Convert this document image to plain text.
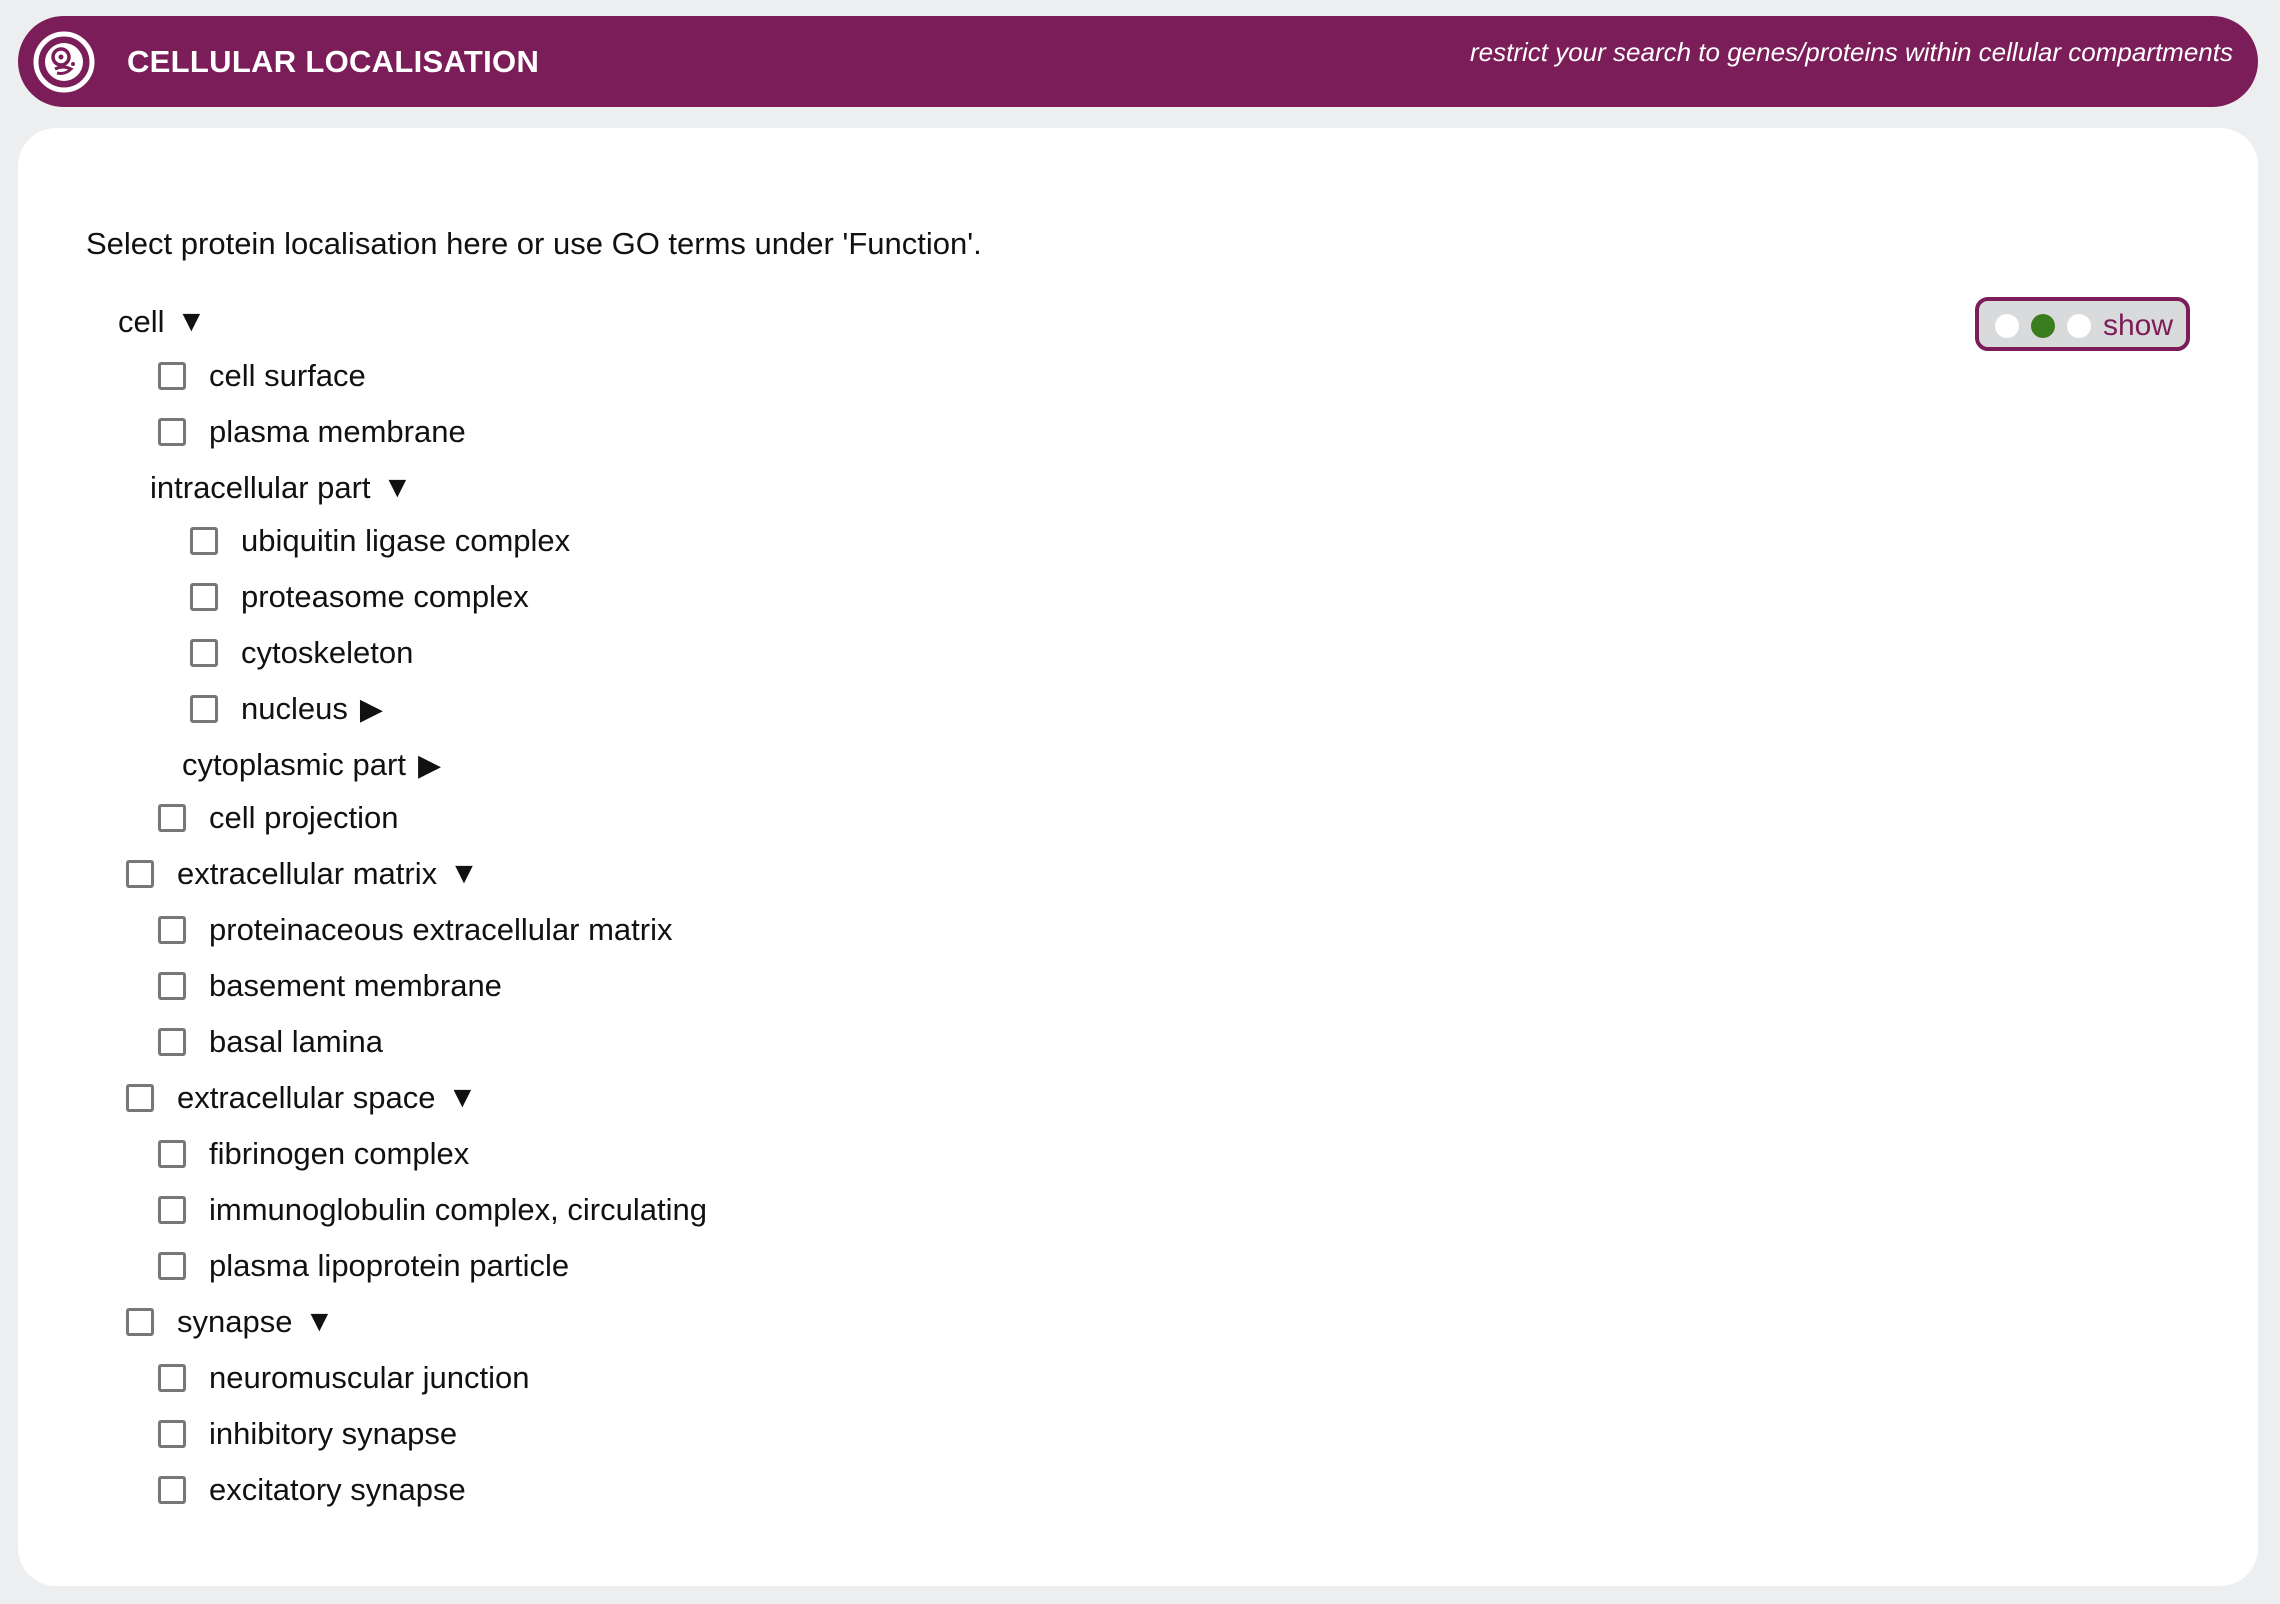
CELLULAR LOCALISATION	restrict your search to genes/proteins within cellular compartments
Select protein localisation here or use GO terms under 'Function'.
show
cell ▼
cell surface
plasma membrane
intracellular part ▼
ubiquitin ligase complex
proteasome complex
cytoskeleton
nucleus ▶
cytoplasmic part ▶
cell projection
extracellular matrix ▼
proteinaceous extracellular matrix
basement membrane
basal lamina
extracellular space ▼
fibrinogen complex
immunoglobulin complex, circulating
plasma lipoprotein particle
synapse ▼
neuromuscular junction
inhibitory synapse
excitatory synapse
